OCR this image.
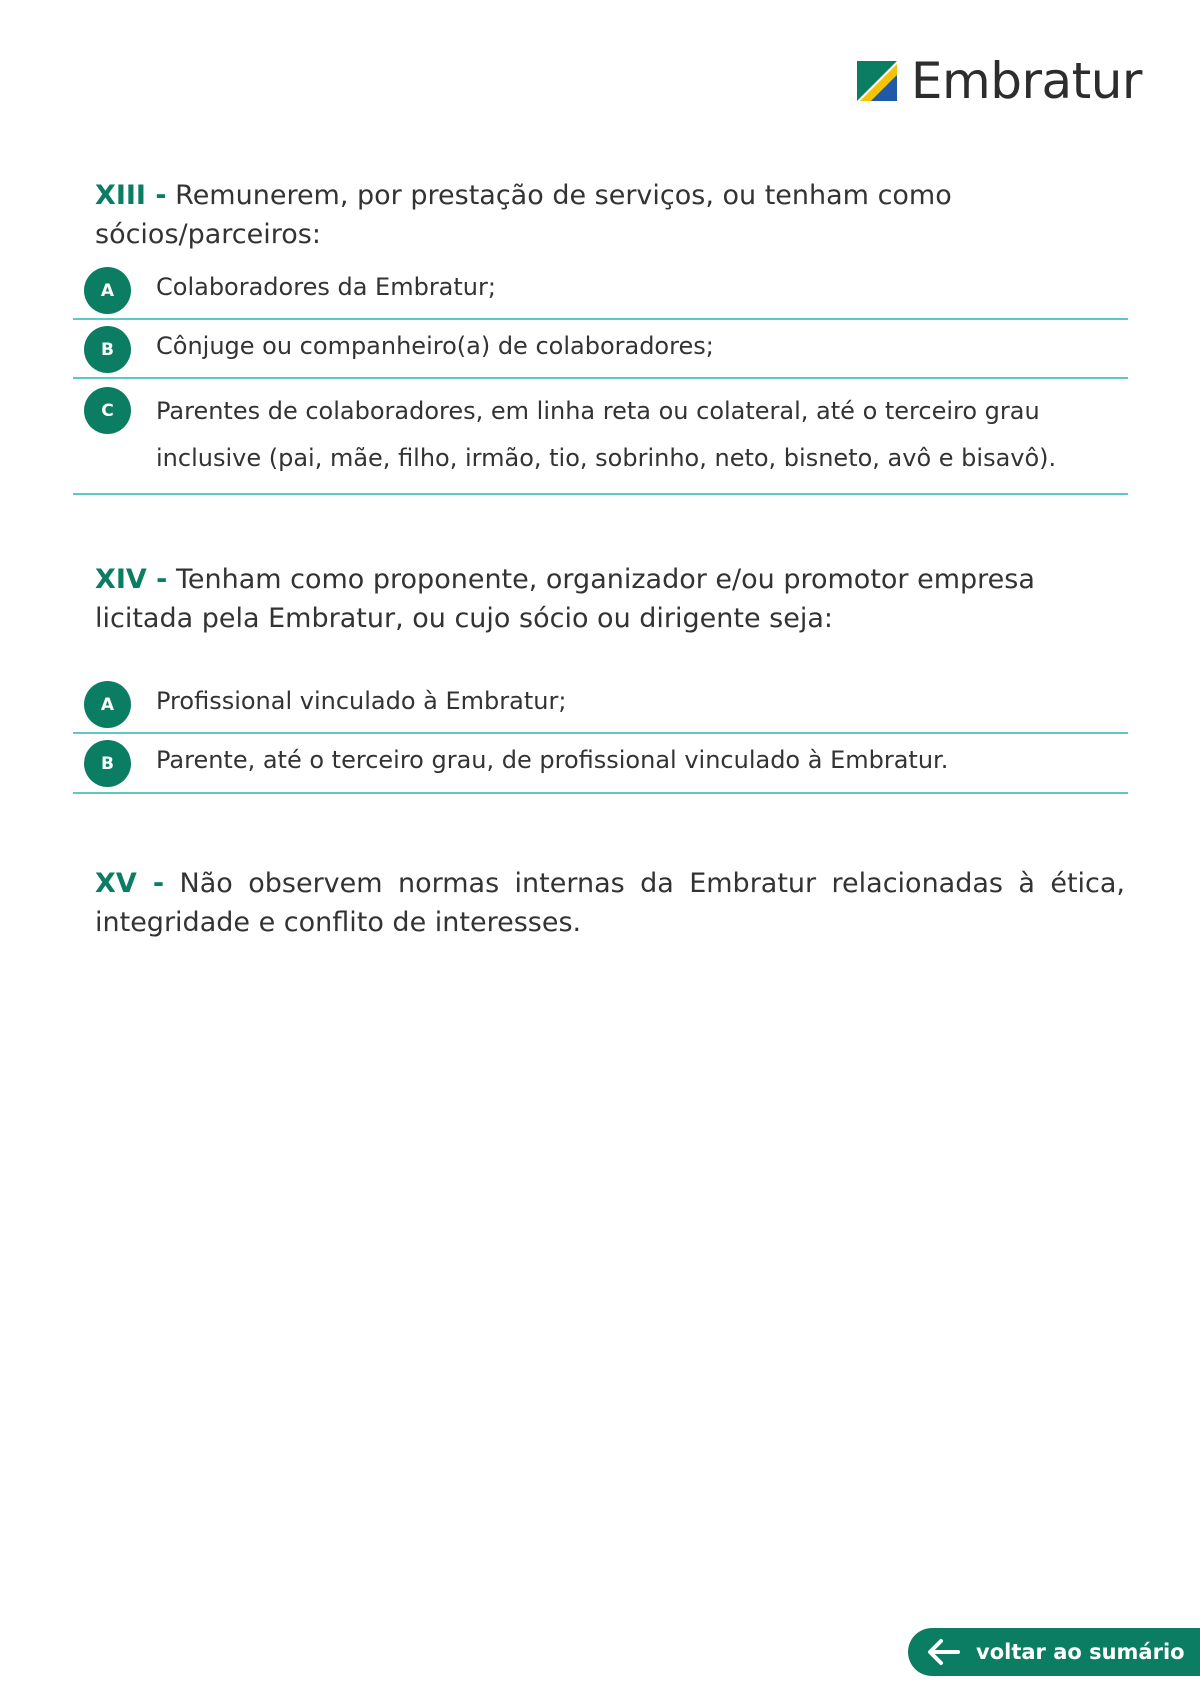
Embratur
XIII - Remunerem, por prestação de serviços, ou tenham como sócios/parceiros:
A	Colaboradores da Embratur;
B	Cônjuge ou companheiro(a) de colaboradores;
C	Parentes de colaboradores, em linha reta ou colateral, até o terceiro grau inclusive (pai, mãe, filho, irmão, tio, sobrinho, neto, bisneto, avô e bisavô).
XIV - Tenham como proponente, organizador e/ou promotor empresa licitada pela Embratur, ou cujo sócio ou dirigente seja:
A	Profissional vinculado à Embratur;
B	Parente, até o terceiro grau, de profissional vinculado à Embratur.
XV - Não observem normas internas da Embratur relacionadas à ética, integridade e conflito de interesses.
voltar ao sumário
